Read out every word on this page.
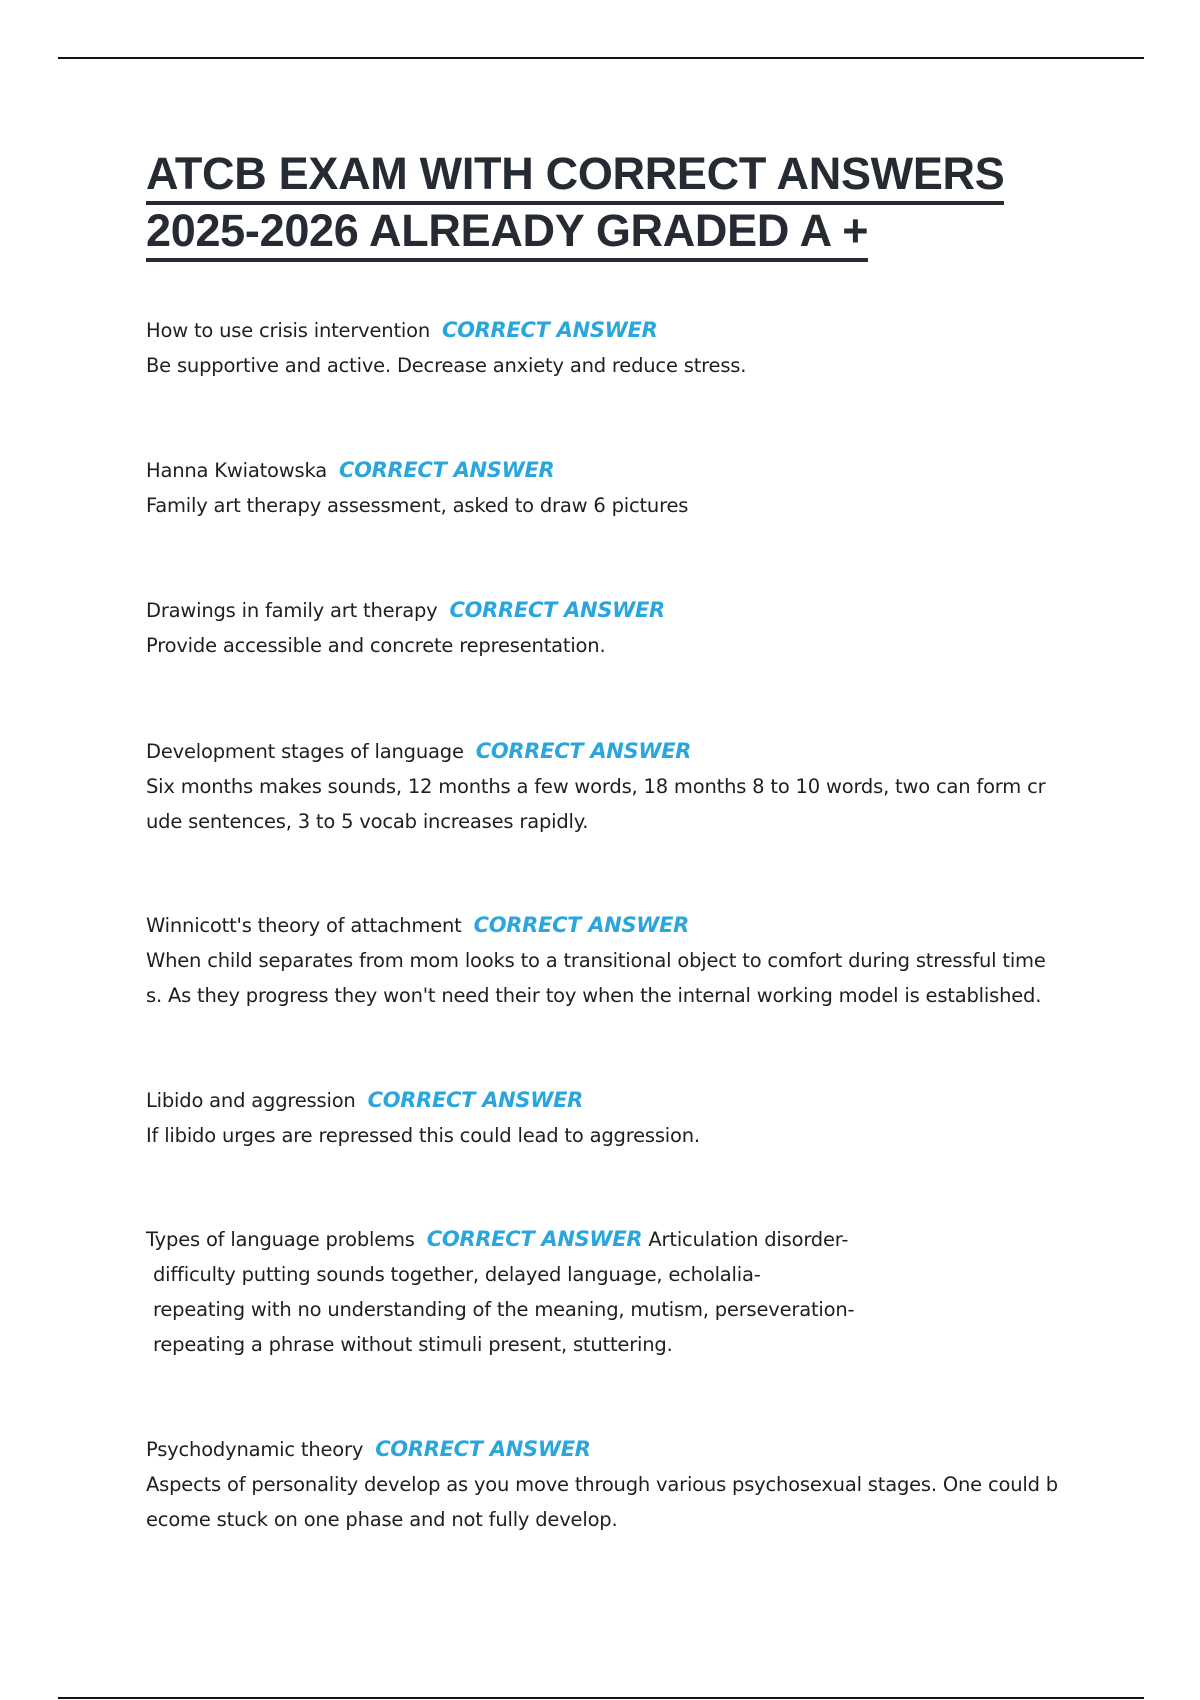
ATCB EXAM WITH CORRECT ANSWERS
2025-2026 ALREADY GRADED A +
How to use crisis intervention CORRECT ANSWER
Be supportive and active. Decrease anxiety and reduce stress.
Hanna Kwiatowska CORRECT ANSWER
Family art therapy assessment, asked to draw 6 pictures
Drawings in family art therapy CORRECT ANSWER
Provide accessible and concrete representation.
Development stages of language CORRECT ANSWER
Six months makes sounds, 12 months a few words, 18 months 8 to 10 words, two can form cr
ude sentences, 3 to 5 vocab increases rapidly.
Winnicott's theory of attachment CORRECT ANSWER
When child separates from mom looks to a transitional object to comfort during stressful time
s. As they progress they won't need their toy when the internal working model is established.
Libido and aggression CORRECT ANSWER
If libido urges are repressed this could lead to aggression.
Types of language problems CORRECT ANSWER Articulation disorder-
difficulty putting sounds together, delayed language, echolalia-
repeating with no understanding of the meaning, mutism, perseveration-
repeating a phrase without stimuli present, stuttering.
Psychodynamic theory CORRECT ANSWER
Aspects of personality develop as you move through various psychosexual stages. One could b
ecome stuck on one phase and not fully develop.
